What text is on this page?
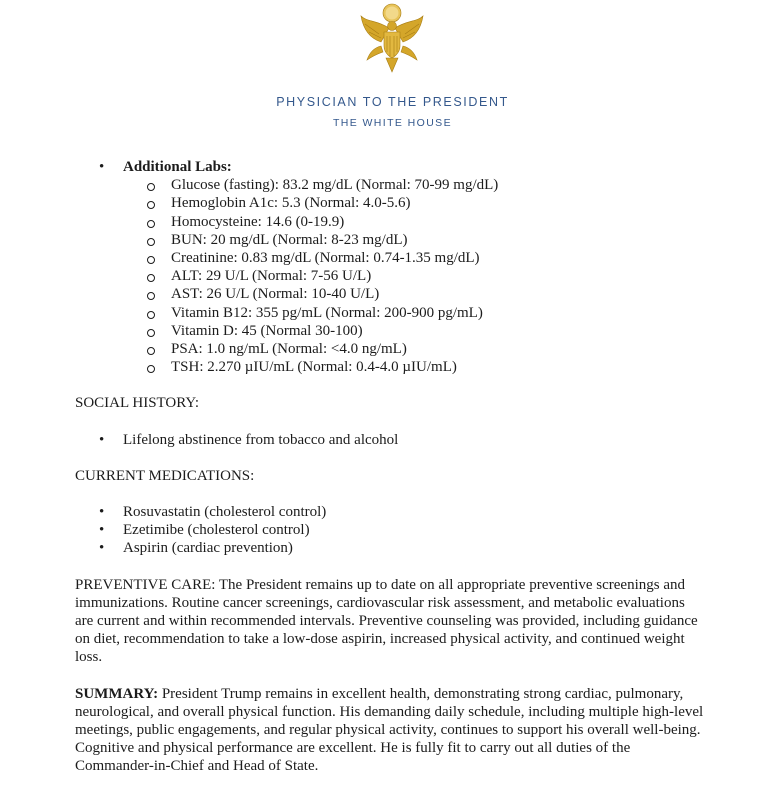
PHYSICIAN TO THE PRESIDENT
THE WHITE HOUSE
• Additional Labs:
Glucose (fasting): 83.2 mg/dL (Normal: 70-99 mg/dL)
Hemoglobin A1c: 5.3 (Normal: 4.0-5.6)
Homocysteine: 14.6 (0-19.9)
BUN: 20 mg/dL (Normal: 8-23 mg/dL)
Creatinine: 0.83 mg/dL (Normal: 0.74-1.35 mg/dL)
ALT: 29 U/L (Normal: 7-56 U/L)
AST: 26 U/L (Normal: 10-40 U/L)
Vitamin B12: 355 pg/mL (Normal: 200-900 pg/mL)
Vitamin D: 45 (Normal 30-100)
PSA: 1.0 ng/mL (Normal: <4.0 ng/mL)
TSH: 2.270 µIU/mL (Normal: 0.4-4.0 µIU/mL)
SOCIAL HISTORY:
• Lifelong abstinence from tobacco and alcohol
CURRENT MEDICATIONS:
• Rosuvastatin (cholesterol control)
• Ezetimibe (cholesterol control)
• Aspirin (cardiac prevention)
PREVENTIVE CARE: The President remains up to date on all appropriate preventive screenings and immunizations. Routine cancer screenings, cardiovascular risk assessment, and metabolic evaluations are current and within recommended intervals. Preventive counseling was provided, including guidance on diet, recommendation to take a low-dose aspirin, increased physical activity, and continued weight loss.
SUMMARY: President Trump remains in excellent health, demonstrating strong cardiac, pulmonary, neurological, and overall physical function. His demanding daily schedule, including multiple high-level meetings, public engagements, and regular physical activity, continues to support his overall well-being. Cognitive and physical performance are excellent. He is fully fit to carry out all duties of the Commander-in-Chief and Head of State.
